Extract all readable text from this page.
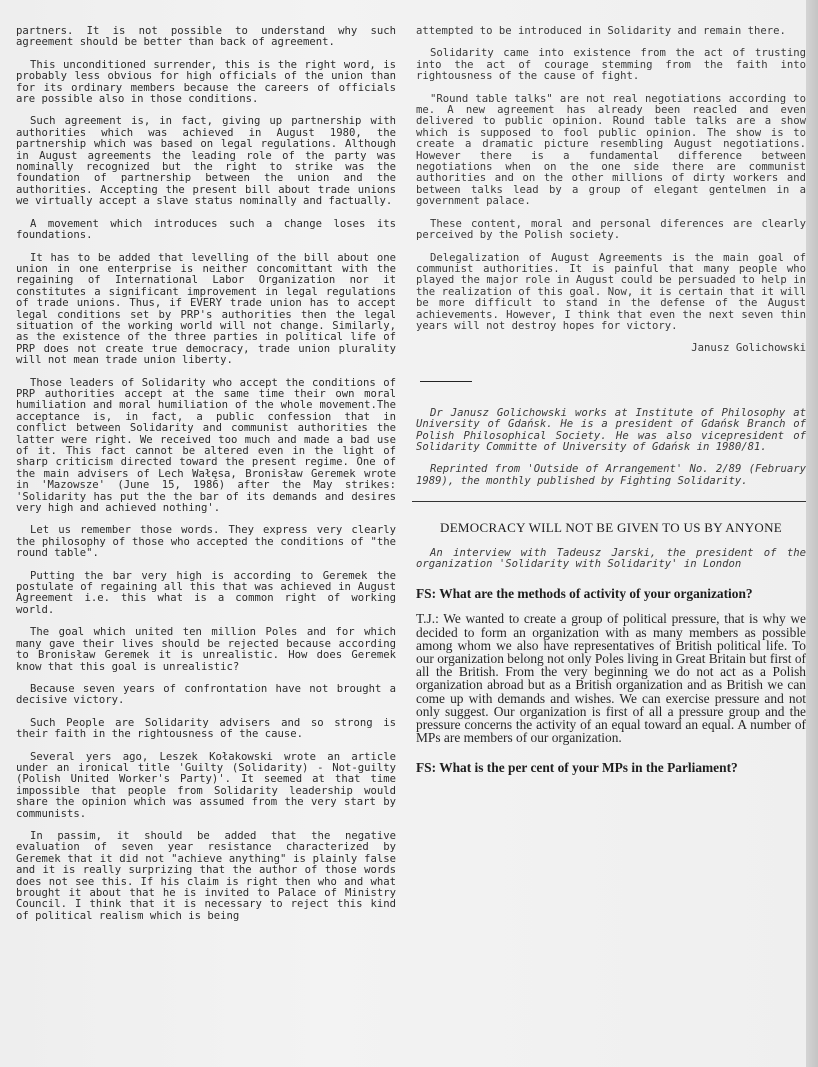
partners. It is not possible to understand why such agreement should be better than back of agreement.

This unconditioned surrender, this is the right word, is probably less obvious for high officials of the union than for its ordinary members because the careers of officials are possible also in those conditions.

Such agreement is, in fact, giving up partnership with authorities which was achieved in August 1980, the partnership which was based on legal regulations. Although in August agreements the leading role of the party was nominally recognized but the right to strike was the foundation of partnership between the union and the authorities. Accepting the present bill about trade unions we virtually accept a slave status nominally and factually.

A movement which introduces such a change loses its foundations.

It has to be added that levelling of the bill about one union in one enterprise is neither concomittant with the regaining of International Labor Organization nor it constitutes a significant improvement in legal regulations of trade unions. Thus, if EVERY trade union has to accept legal conditions set by PRP's authorities then the legal situation of the working world will not change. Similarly, as the existence of the three parties in political life of PRP does not create true democracy, trade union plurality will not mean trade union liberty.

Those leaders of Solidarity who accept the conditions of PRP authorities accept at the same time their own moral humiliation and moral humiliation of the whole movement.The acceptance is, in fact, a public confession that in conflict between Solidarity and communist authorities the latter were right. We received too much and made a bad use of it. This fact cannot be altered even in the light of sharp criticism directed toward the present regime. One of the main advisers of Lech Wałęsa, Bronisław Geremek wrote in 'Mazowsze' (June 15, 1986) after the May strikes: 'Solidarity has put the the bar of its demands and desires very high and achieved nothing'.

Let us remember those words. They express very clearly the philosophy of those who accepted the conditions of "the round table".

Putting the bar very high is according to Geremek the postulate of regaining all this that was achieved in August Agreement i.e. this what is a common right of working world.

The goal which united ten million Poles and for which many gave their lives should be rejected because according to Bronisław Geremek it is unrealistic. How does Geremek know that this goal is unrealistic?

Because seven years of confrontation have not brought a decisive victory.

Such People are Solidarity advisers and so strong is their faith in the rightousness of the cause.

Several yers ago, Leszek Kołakowski wrote an article under an ironical title 'Guilty (Solidarity) - Not-guilty (Polish United Worker's Party)'. It seemed at that time impossible that people from Solidarity leadership would share the opinion which was assumed from the very start by communists.

In passim, it should be added that the negative evaluation of seven year resistance characterized by Geremek that it did not "achieve anything" is plainly false and it is really surprizing that the author of those words does not see this. If his claim is right then who and what brought it about that he is invited to Palace of Ministry Council. I think that it is necessary to reject this kind of political realism which is being

attempted to be introduced in Solidarity and remain there.

Solidarity came into existence from the act of trusting into the act of courage stemming from the faith into rightousness of the cause of fight.

"Round table talks" are not real negotiations according to me. A new agreement has already been reacled and even delivered to public opinion. Round table talks are a show which is supposed to fool public opinion. The show is to create a dramatic picture resembling August negotiations. However there is a fundamental difference between negotiations when on the one side there are communist authorities and on the other millions of dirty workers and between talks lead by a group of elegant gentelmen in a government palace.

These content, moral and personal diferences are clearly perceived by the Polish society.

Delegalization of August Agreements is the main goal of communist authorities. It is painful that many people who played the major role in August could be persuaded to help in the realization of this goal. Now, it is certain that it will be more difficult to stand in the defense of the August achievements. However, I think that even the next seven thin years will not destroy hopes for victory.

Janusz Golichowski

Dr Janusz Golichowski works at Institute of Philosophy at University of Gdańsk. He is a president of Gdańsk Branch of Polish Philosophical Society. He was also vicepresident of Solidarity Committe of University of Gdańsk in 1980/81.

Reprinted from 'Outside of Arrangement' No. 2/89 (February 1989), the monthly published by Fighting Solidarity.

DEMOCRACY WILL NOT BE GIVEN TO US BY ANYONE

An interview with Tadeusz Jarski, the president of the organization 'Solidarity with Solidarity' in London

FS: What are the methods of activity of your organization?

T.J.: We wanted to create a group of political pressure, that is why we decided to form an organization with as many members as possible among whom we also have representatives of British political life. To our organization belong not only Poles living in Great Britain but first of all the British. From the very beginning we do not act as a Polish organization abroad but as a British organization and as British we can come up with demands and wishes. We can exercise pressure and not only suggest. Our organization is first of all a pressure group and the pressure concerns the activity of an equal toward an equal. A number of MPs are members of our organization.

FS: What is the per cent of your MPs in the Parliament?
